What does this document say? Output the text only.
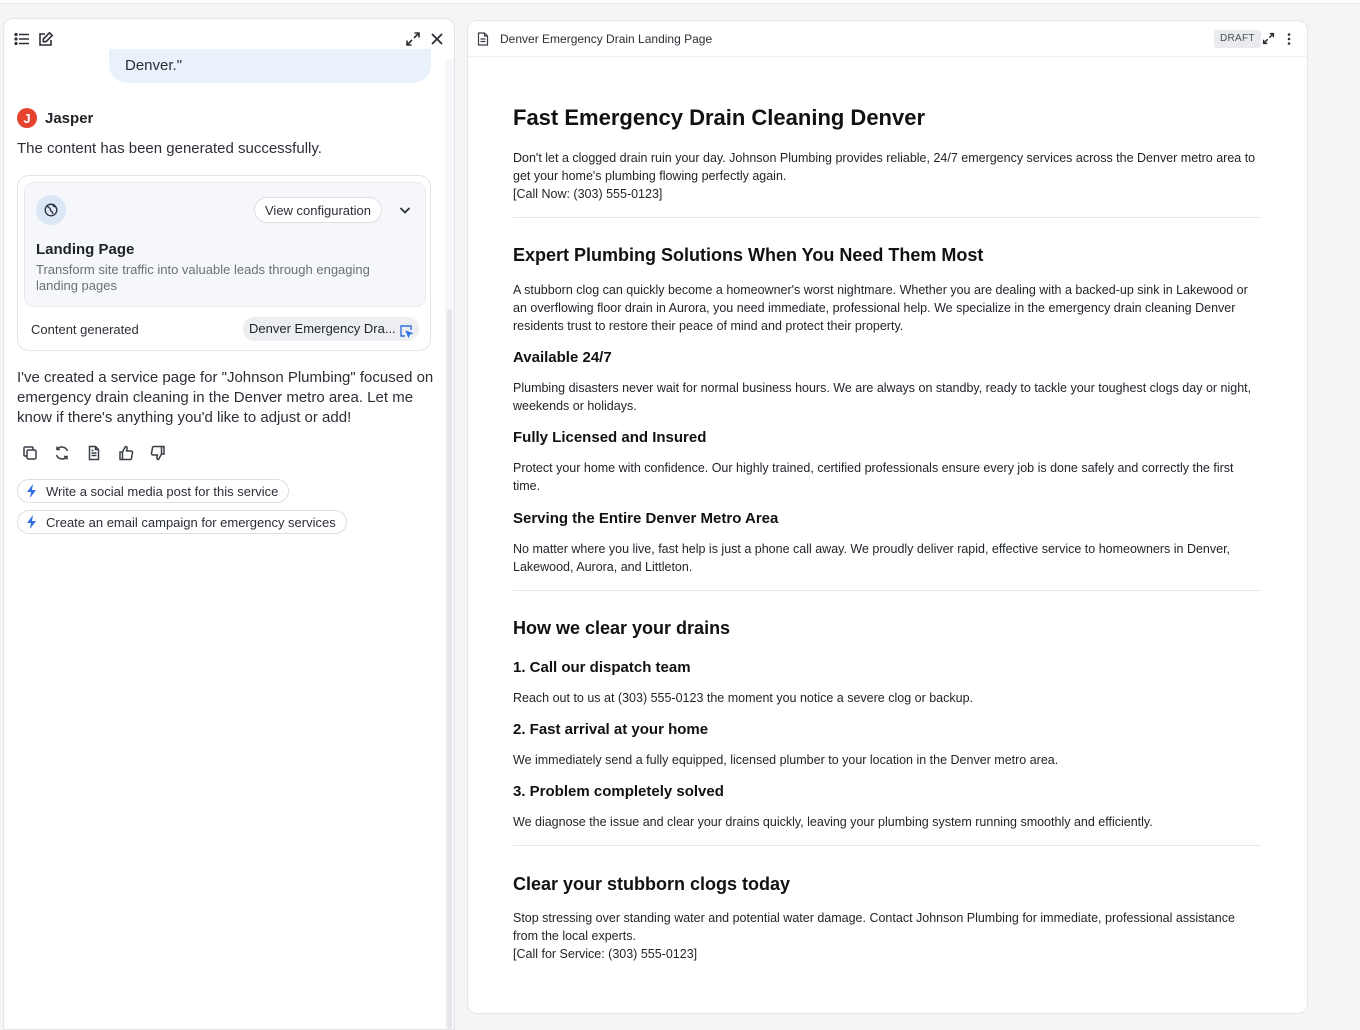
Denver."
J Jasper
The content has been generated successfully.
View configuration
Landing Page
Transform site traffic into valuable leads through engaging landing pages
Content generated	Denver Emergency Dra...
I've created a service page for "Johnson Plumbing" focused on emergency drain cleaning in the Denver metro area. Let me know if there's anything you'd like to adjust or add!
Write a social media post for this service
Create an email campaign for emergency services
Denver Emergency Drain Landing Page	DRAFT
Fast Emergency Drain Cleaning Denver
Don't let a clogged drain ruin your day. Johnson Plumbing provides reliable, 24/7 emergency services across the Denver metro area to get your home's plumbing flowing perfectly again.
[Call Now: (303) 555-0123]
Expert Plumbing Solutions When You Need Them Most
A stubborn clog can quickly become a homeowner's worst nightmare. Whether you are dealing with a backed-up sink in Lakewood or an overflowing floor drain in Aurora, you need immediate, professional help. We specialize in the emergency drain cleaning Denver residents trust to restore their peace of mind and protect their property.
Available 24/7
Plumbing disasters never wait for normal business hours. We are always on standby, ready to tackle your toughest clogs day or night, weekends or holidays.
Fully Licensed and Insured
Protect your home with confidence. Our highly trained, certified professionals ensure every job is done safely and correctly the first time.
Serving the Entire Denver Metro Area
No matter where you live, fast help is just a phone call away. We proudly deliver rapid, effective service to homeowners in Denver, Lakewood, Aurora, and Littleton.
How we clear your drains
1. Call our dispatch team
Reach out to us at (303) 555-0123 the moment you notice a severe clog or backup.
2. Fast arrival at your home
We immediately send a fully equipped, licensed plumber to your location in the Denver metro area.
3. Problem completely solved
We diagnose the issue and clear your drains quickly, leaving your plumbing system running smoothly and efficiently.
Clear your stubborn clogs today
Stop stressing over standing water and potential water damage. Contact Johnson Plumbing for immediate, professional assistance from the local experts.
[Call for Service: (303) 555-0123]
